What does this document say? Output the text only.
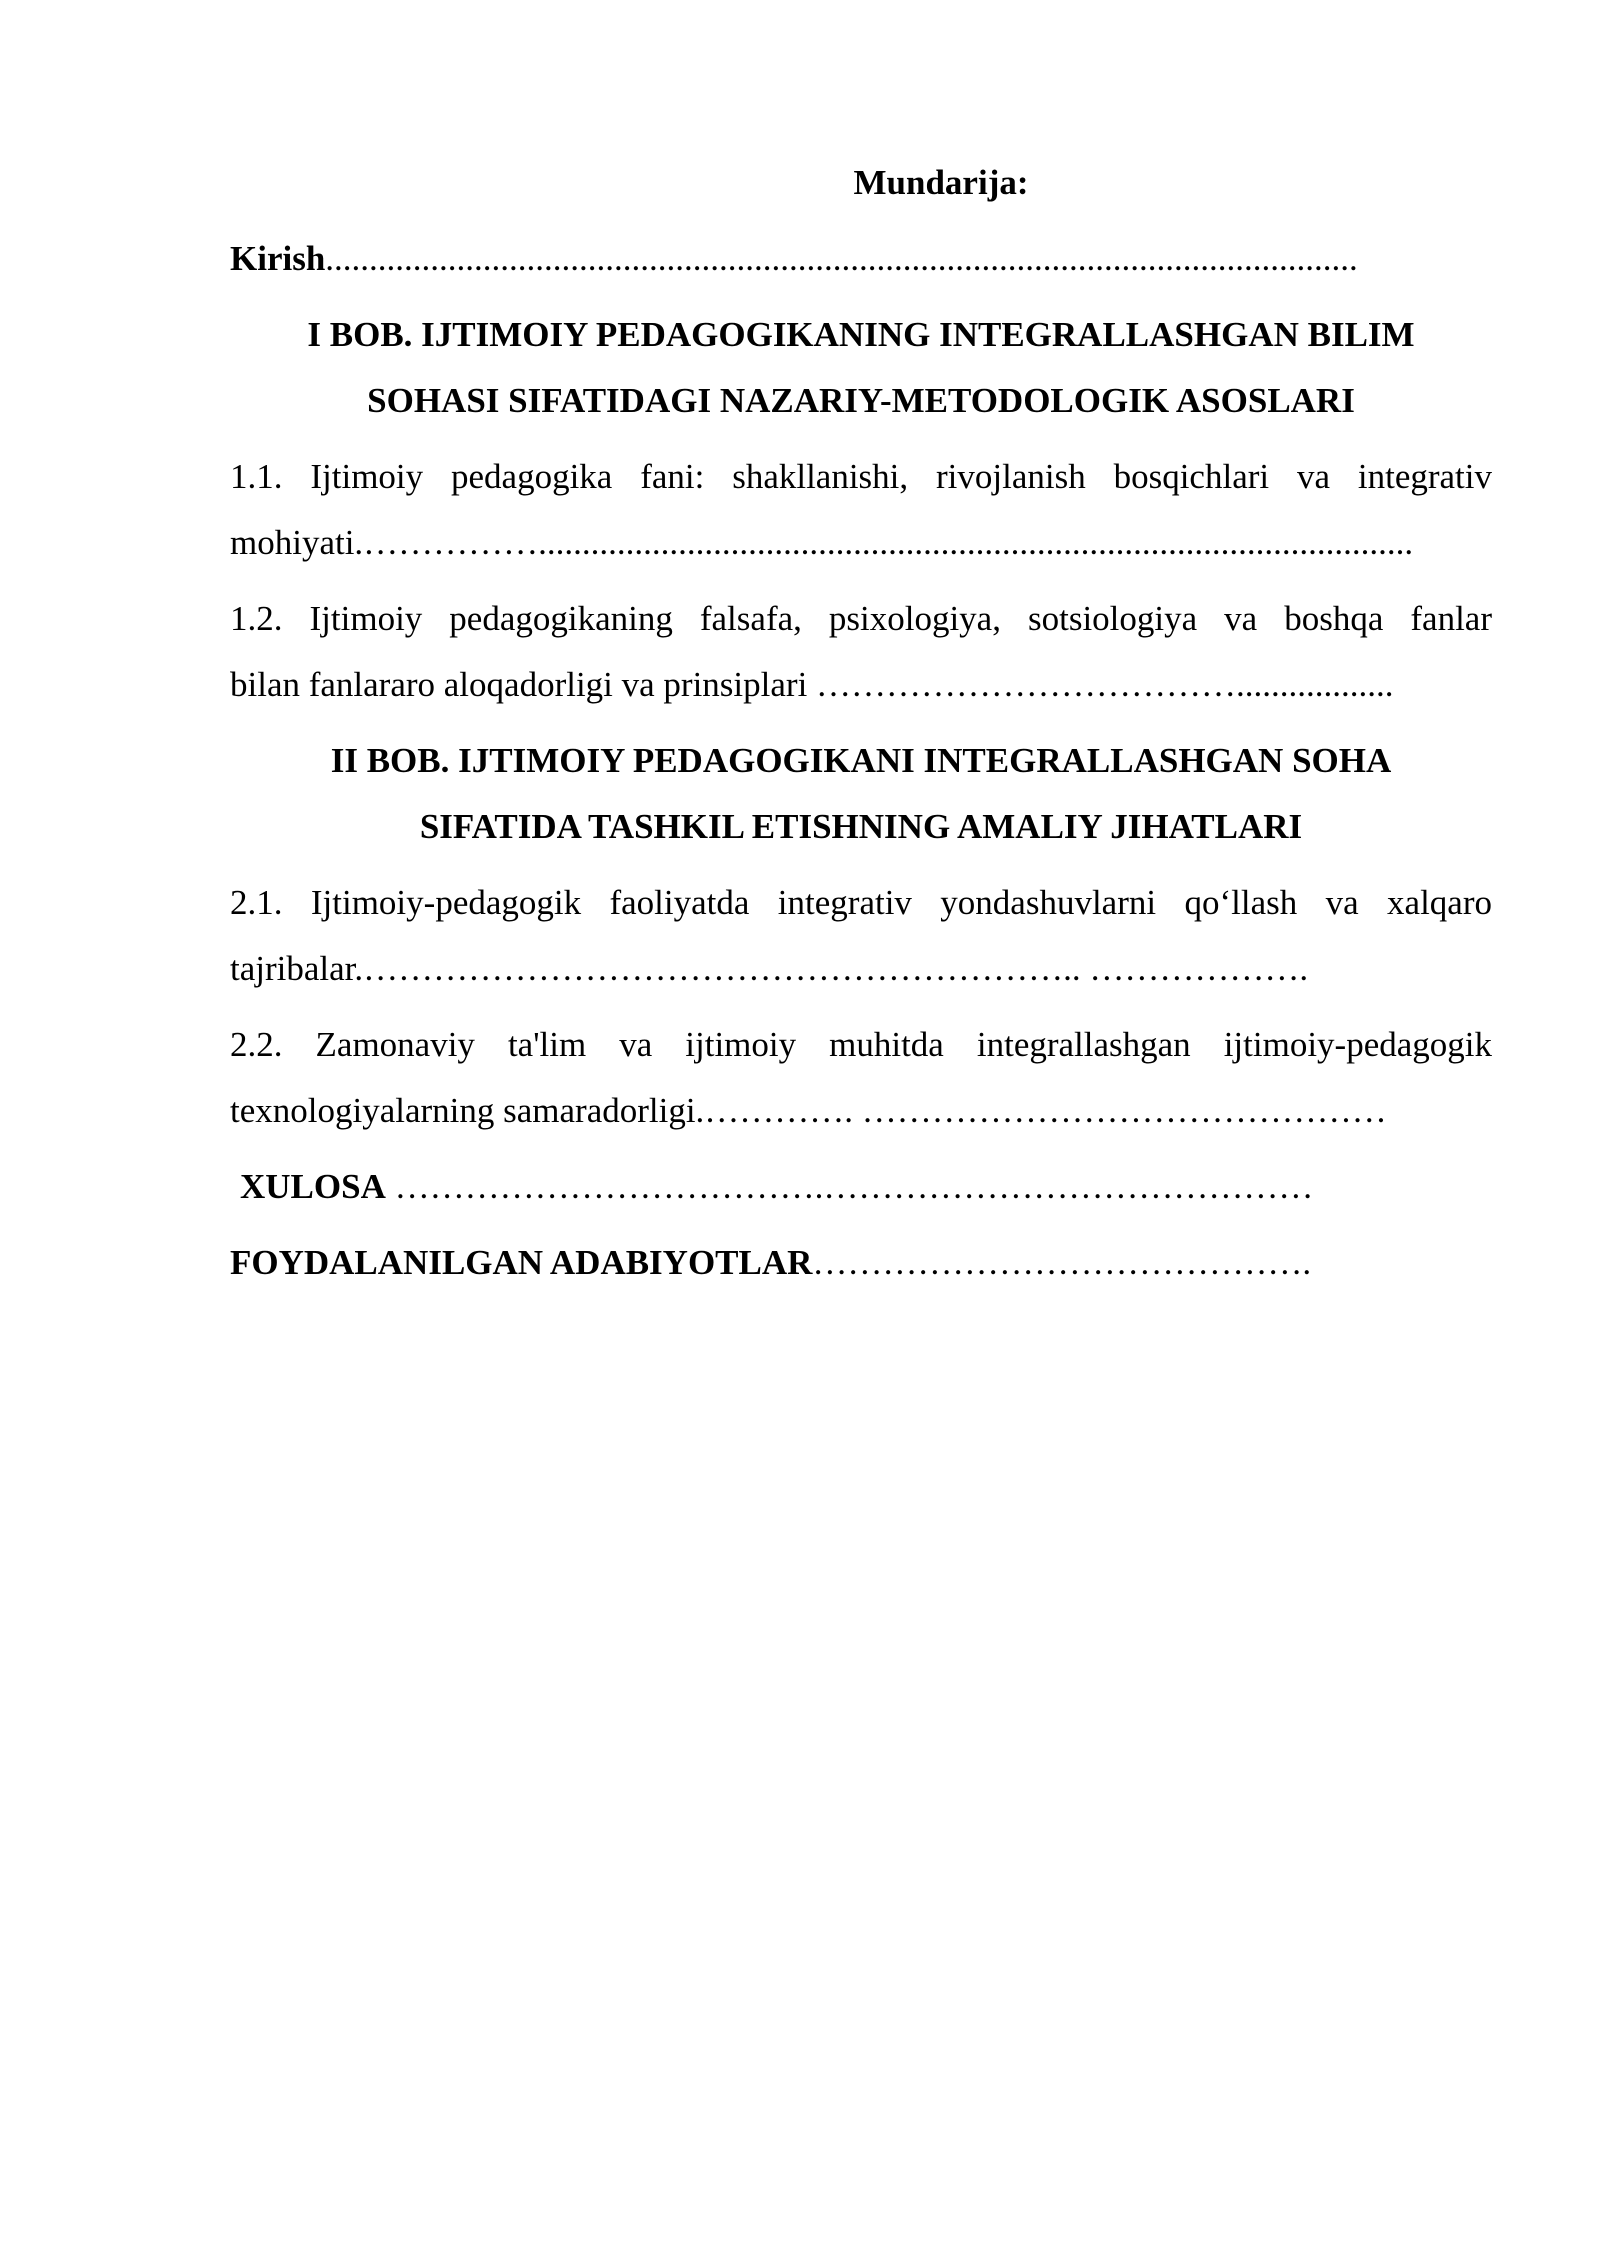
Mundarija:
Kirish......................................................................................................................
I BOB. IJTIMOIY PEDAGOGIKANING INTEGRALLASHGAN BILIM
SOHASI SIFATIDAGI NAZARIY-METODOLOGIK ASOSLARI
1.1. Ijtimoiy pedagogika fani: shakllanishi, rivojlanish bosqichlari va integrativ
mohiyati.……………....................................................................................................
1.2. Ijtimoiy pedagogikaning falsafa, psixologiya, sotsiologiya va boshqa fanlar
bilan fanlararo aloqadorligi va prinsiplari ………………………………..................
II BOB. IJTIMOIY PEDAGOGIKANI INTEGRALLASHGAN SOHA
SIFATIDA TASHKIL ETISHNING AMALIY JIHATLARI
2.1. Ijtimoiy-pedagogik faoliyatda integrativ yondashuvlarni qo‘llash va xalqaro
tajribalar.…………………………………………………….. ……………….
2.2. Zamonaviy ta'lim va ijtimoiy muhitda integrallashgan ijtimoiy-pedagogik
texnologiyalarning samaradorligi.…………. ………………………………………
XULOSA ……………………………….……………………………………
FOYDALANILGAN ADABIYOTLAR…………………………………….
